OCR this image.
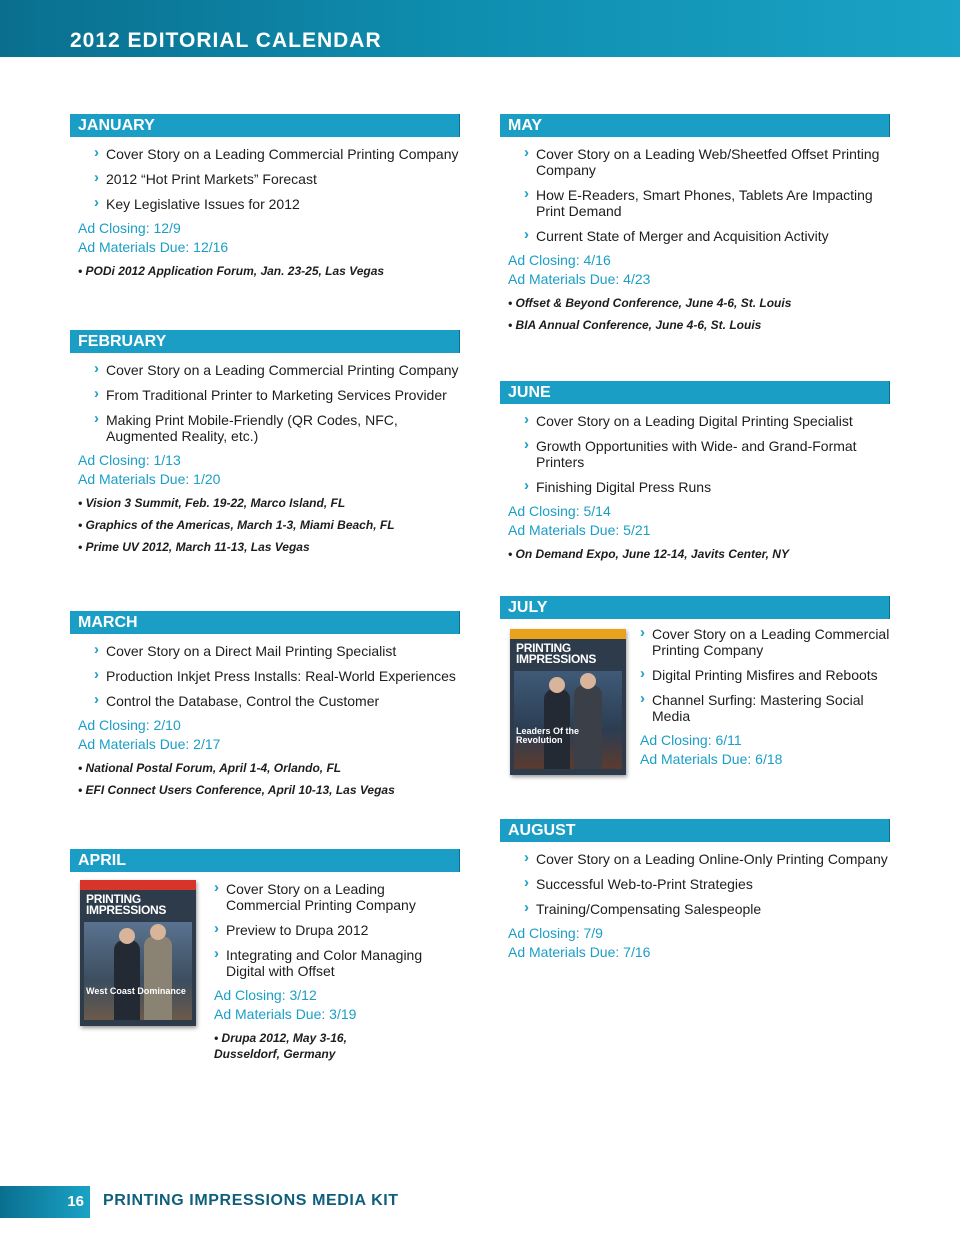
2012 EDITORIAL CALENDAR
JANUARY
› Cover Story on a Leading Commercial Printing Company
› 2012 “Hot Print Markets” Forecast
› Key Legislative Issues for 2012
Ad Closing: 12/9
Ad Materials Due: 12/16
• PODi 2012 Application Forum, Jan. 23-25, Las Vegas
FEBRUARY
› Cover Story on a Leading Commercial Printing Company
› From Traditional Printer to Marketing Services Provider
› Making Print Mobile-Friendly (QR Codes, NFC, Augmented Reality, etc.)
Ad Closing: 1/13
Ad Materials Due: 1/20
• Vision 3 Summit, Feb. 19-22, Marco Island, FL
• Graphics of the Americas, March 1-3, Miami Beach, FL
• Prime UV 2012, March 11-13, Las Vegas
MARCH
› Cover Story on a Direct Mail Printing Specialist
› Production Inkjet Press Installs: Real-World Experiences
› Control the Database, Control the Customer
Ad Closing: 2/10
Ad Materials Due: 2/17
• National Postal Forum, April 1-4, Orlando, FL
• EFI Connect Users Conference, April 10-13, Las Vegas
APRIL
PRINTING IMPRESSIONS
West Coast Dominance
› Cover Story on a Leading Commercial Printing Company
› Preview to Drupa 2012
› Integrating and Color Managing Digital with Offset
Ad Closing: 3/12
Ad Materials Due: 3/19
• Drupa 2012, May 3-16, Dusseldorf, Germany
MAY
› Cover Story on a Leading Web/Sheetfed Offset Printing Company
› How E-Readers, Smart Phones, Tablets Are Impacting Print Demand
› Current State of Merger and Acquisition Activity
Ad Closing: 4/16
Ad Materials Due: 4/23
• Offset & Beyond Conference, June 4-6, St. Louis
• BIA Annual Conference, June 4-6, St. Louis
JUNE
› Cover Story on a Leading Digital Printing Specialist
› Growth Opportunities with Wide- and Grand-Format Printers
› Finishing Digital Press Runs
Ad Closing: 5/14
Ad Materials Due: 5/21
• On Demand Expo, June 12-14, Javits Center, NY
JULY
PRINTING IMPRESSIONS
Leaders Of the Revolution
› Cover Story on a Leading Commercial Printing Company
› Digital Printing Misfires and Reboots
› Channel Surfing: Mastering Social Media
Ad Closing: 6/11
Ad Materials Due: 6/18
AUGUST
› Cover Story on a Leading Online-Only Printing Company
› Successful Web-to-Print Strategies
› Training/Compensating Salespeople
Ad Closing: 7/9
Ad Materials Due: 7/16
16	PRINTING IMPRESSIONS MEDIA KIT
